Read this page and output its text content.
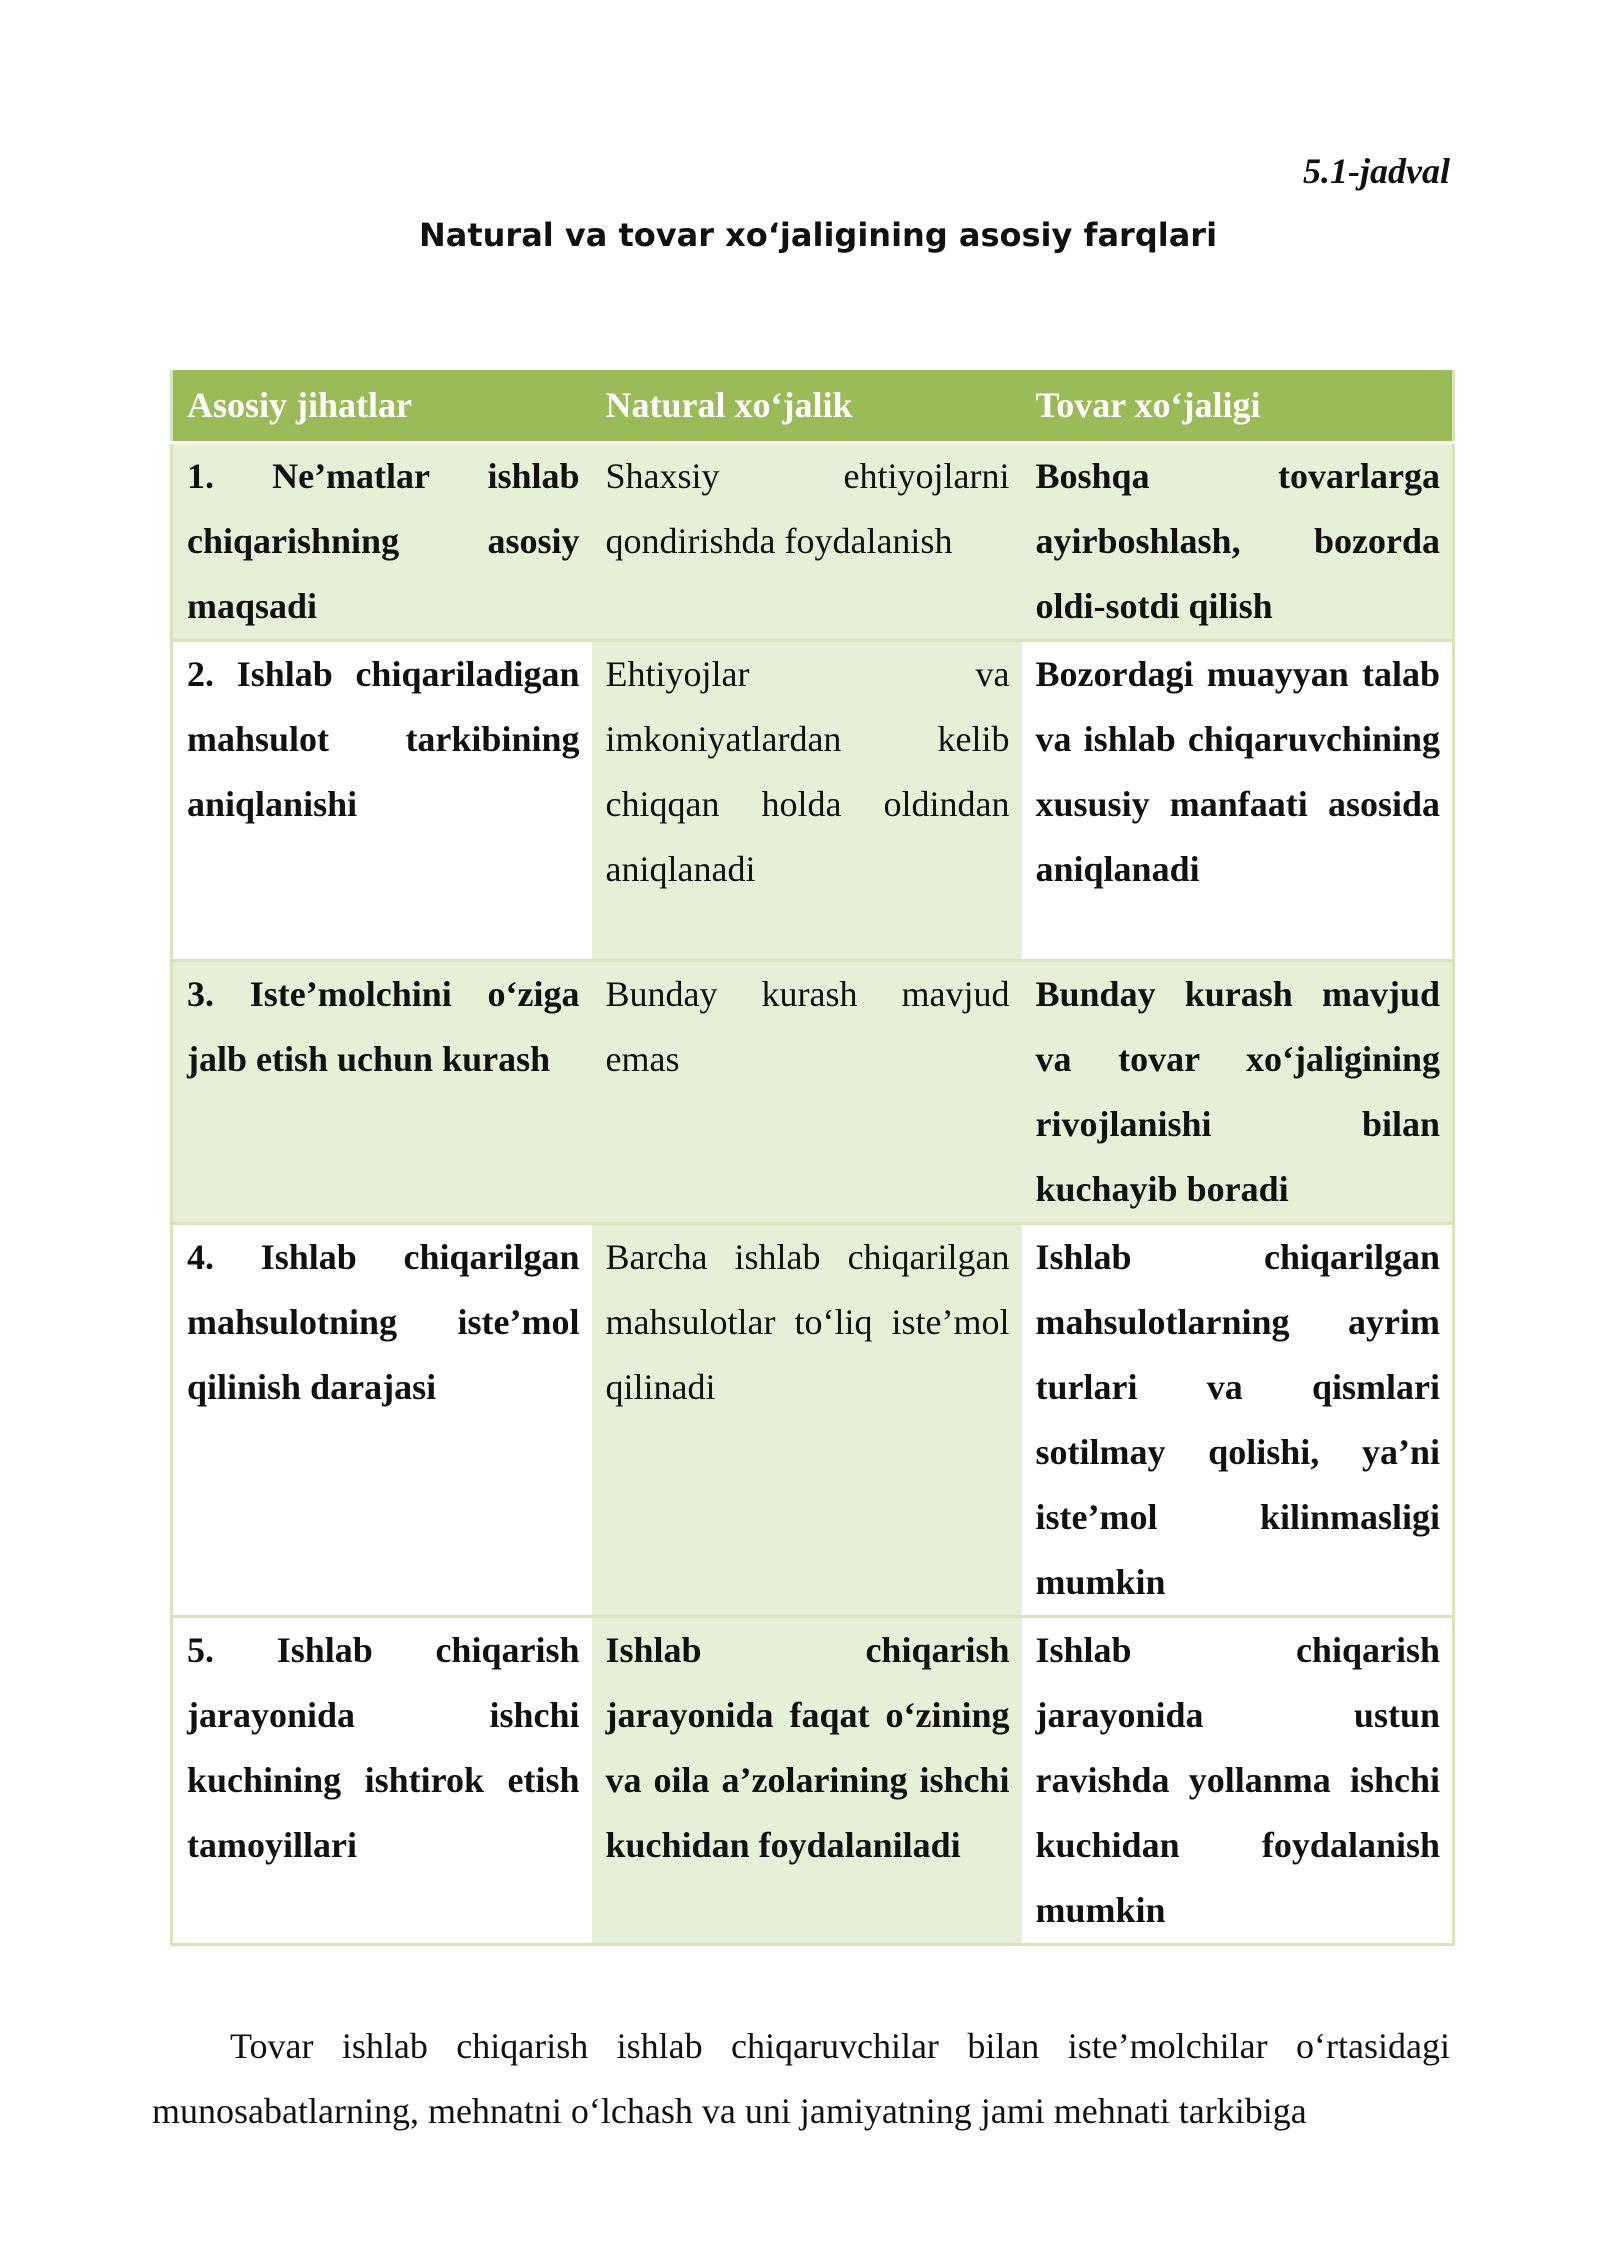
5.1-jadval
Natural va tovar xo‘jaligining asosiy farqlari
Asosiy jihatlar	Natural xo‘jalik	Tovar xo‘jaligi
1. Ne’matlar ishlab chiqarishning asosiy maqsadi	Shaxsiy ehtiyojlarni qondirishda foydalanish	Boshqa tovarlarga ayirboshlash, bozorda oldi-sotdi qilish
2. Ishlab chiqariladigan mahsulot tarkibining aniqlanishi	Ehtiyojlar va imkoniyatlardan kelib chiqqan holda oldindan aniqlanadi	Bozordagi muayyan talab va ishlab chiqaruvchining xususiy manfaati asosida aniqlanadi
3. Iste’molchini o‘ziga jalb etish uchun kurash	Bunday kurash mavjud emas	Bunday kurash mavjud va tovar xo‘jaligining rivojlanishi bilan kuchayib boradi
4. Ishlab chiqarilgan mahsulotning iste’mol qilinish darajasi	Barcha ishlab chiqarilgan mahsulotlar to‘liq iste’mol qilinadi	Ishlab chiqarilgan mahsulotlarning ayrim turlari va qismlari sotilmay qolishi, ya’ni iste’mol kilinmasligi mumkin
5. Ishlab chiqarish jarayonida ishchi kuchining ishtirok etish tamoyillari	Ishlab chiqarish jarayonida faqat o‘zining va oila a’zolarining ishchi kuchidan foydalaniladi	Ishlab chiqarish jarayonida ustun ravishda yollanma ishchi kuchidan foydalanish mumkin

Tovar ishlab chiqarish ishlab chiqaruvchilar bilan iste’molchilar o‘rtasidagi munosabatlarning, mehnatni o‘lchash va uni jamiyatning jami mehnati tarkibiga
